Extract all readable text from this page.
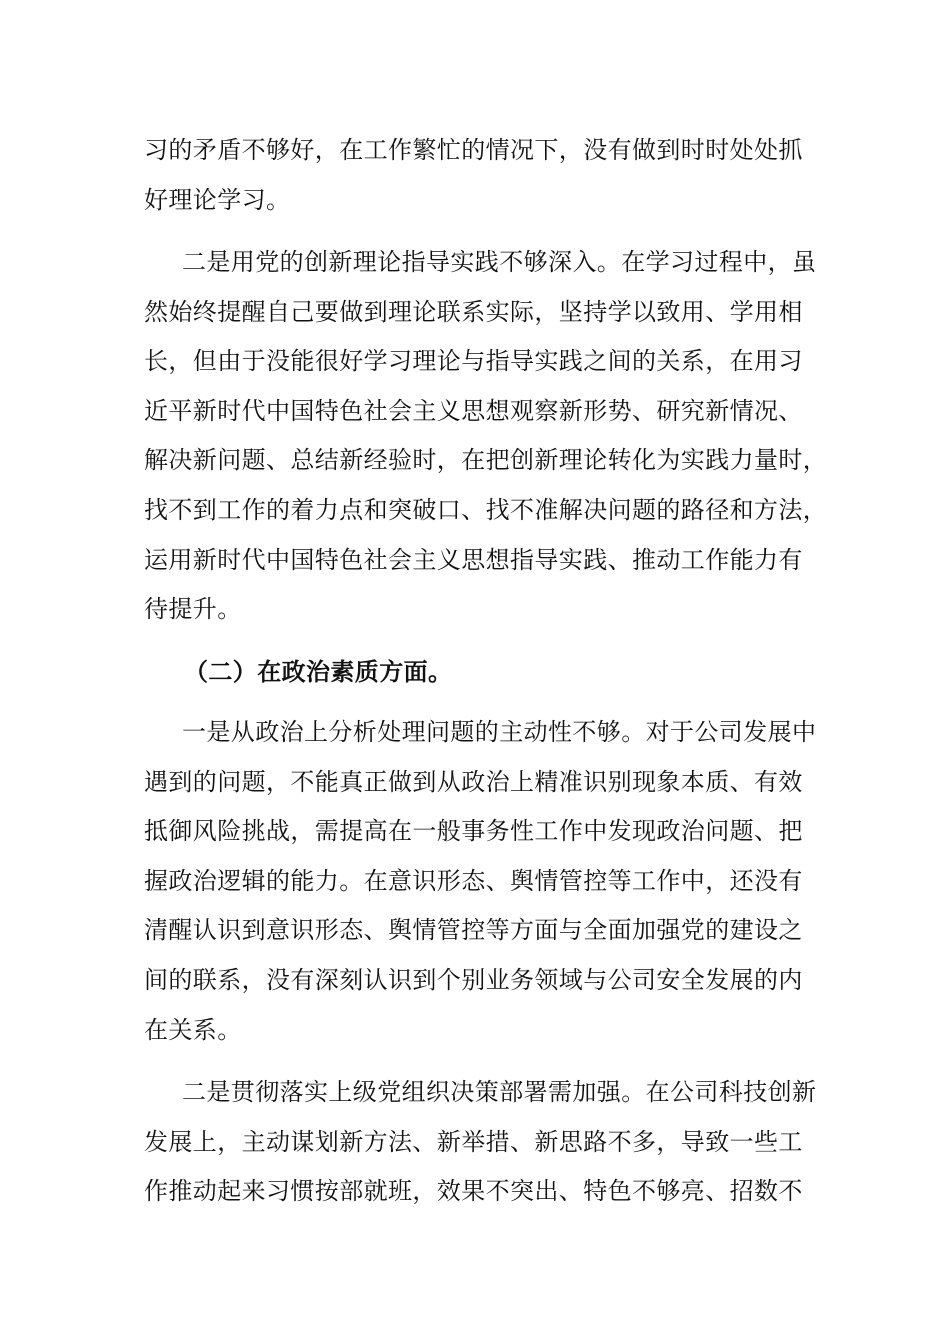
习的矛盾不够好，在工作繁忙的情况下，没有做到时时处处抓
好理论学习。
二是用党的创新理论指导实践不够深入。在学习过程中，虽
然始终提醒自己要做到理论联系实际，坚持学以致用、学用相
长，但由于没能很好学习理论与指导实践之间的关系，在用习
近平新时代中国特色社会主义思想观察新形势、研究新情况、
解决新问题、总结新经验时，在把创新理论转化为实践力量时，
找不到工作的着力点和突破口、找不准解决问题的路径和方法，
运用新时代中国特色社会主义思想指导实践、推动工作能力有
待提升。
（二）在政治素质方面。
一是从政治上分析处理问题的主动性不够。对于公司发展中
遇到的问题，不能真正做到从政治上精准识别现象本质、有效
抵御风险挑战，需提高在一般事务性工作中发现政治问题、把
握政治逻辑的能力。在意识形态、舆情管控等工作中，还没有
清醒认识到意识形态、舆情管控等方面与全面加强党的建设之
间的联系，没有深刻认识到个别业务领域与公司安全发展的内
在关系。
二是贯彻落实上级党组织决策部署需加强。在公司科技创新
发展上，主动谋划新方法、新举措、新思路不多，导致一些工
作推动起来习惯按部就班，效果不突出、特色不够亮、招数不
